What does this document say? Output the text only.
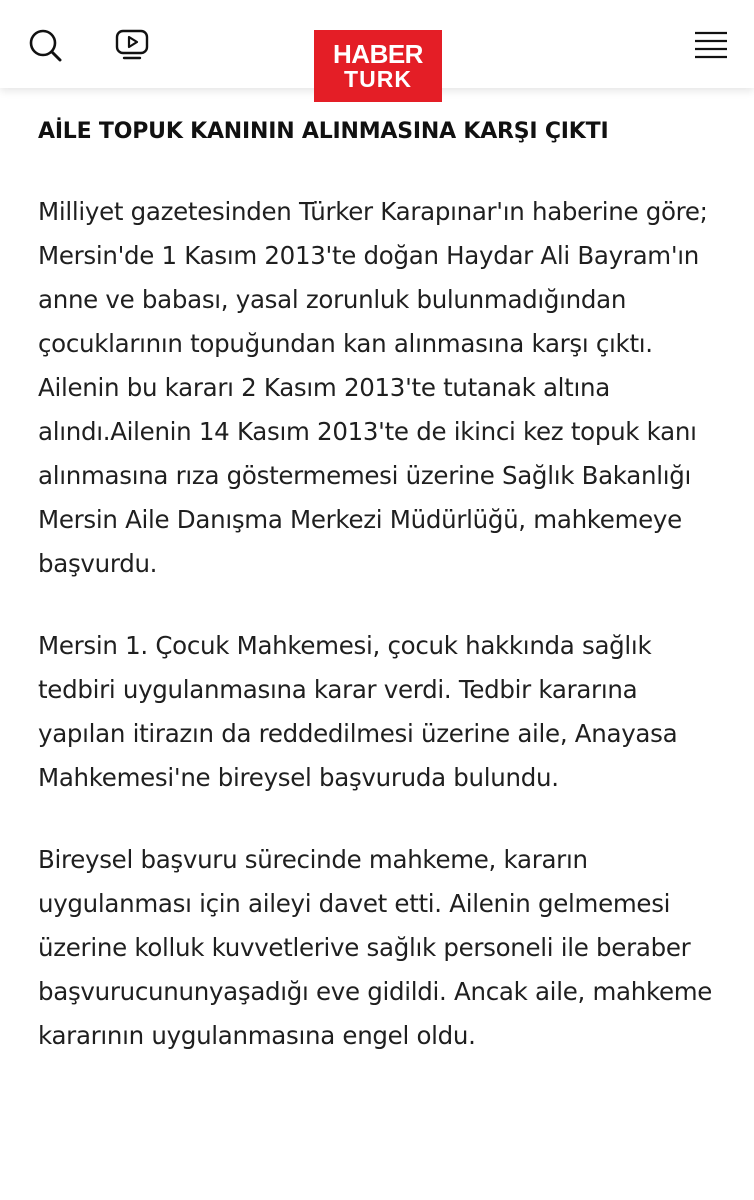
HABER
TURK
AİLE TOPUK KANININ ALINMASINA KARŞI ÇIKTI

Milliyet gazetesinden Türker Karapınar'ın haberine göre; Mersin'de 1 Kasım 2013'te doğan Haydar Ali Bayram'ın anne ve babası, yasal zorunluk bulunmadığından çocuklarının topuğundan kan alınmasına karşı çıktı. Ailenin bu kararı 2 Kasım 2013'te tutanak altına alındı.Ailenin 14 Kasım 2013'te de ikinci kez topuk kanı alınmasına rıza göstermemesi üzerine Sağlık Bakanlığı Mersin Aile Danışma Merkezi Müdürlüğü, mahkemeye başvurdu.

Mersin 1. Çocuk Mahkemesi, çocuk hakkında sağlık tedbiri uygulanmasına karar verdi. Tedbir kararına yapılan itirazın da reddedilmesi üzerine aile, Anayasa Mahkemesi'ne bireysel başvuruda bulundu.

Bireysel başvuru sürecinde mahkeme, kararın uygulanması için aileyi davet etti. Ailenin gelmemesi üzerine kolluk kuvvetlerive sağlık personeli ile beraber başvurucununyaşadığı eve gidildi. Ancak aile, mahkeme kararının uygulanmasına engel oldu.
